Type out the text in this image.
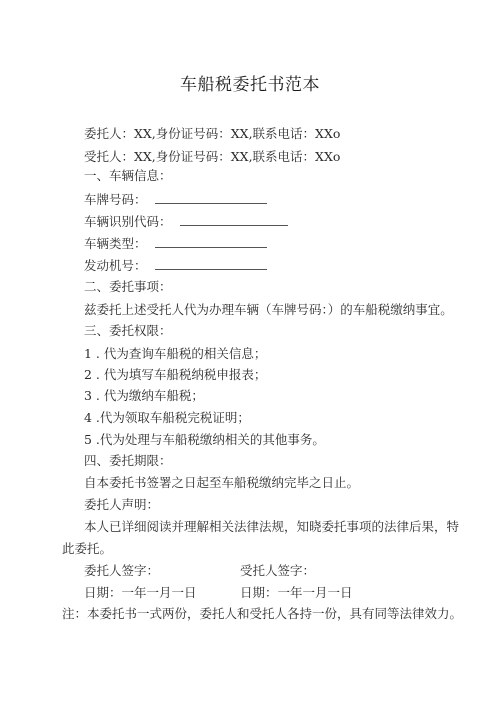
车船税委托书范本
委托人：XX,身份证号码：XX,联系电话：XXo
受托人：XX,身份证号码：XX,联系电话：XXo
一、车辆信息：
车牌号码：
车辆识别代码：
车辆类型：
发动机号：
二、委托事项：
兹委托上述受托人代为办理车辆（车牌号码：）的车船税缴纳事宜。
三、委托权限：
1 . 代为查询车船税的相关信息；
2 . 代为填写车船税纳税申报表；
3 . 代为缴纳车船税；
4 .代为领取车船税完税证明；
5 .代为处理与车船税缴纳相关的其他事务。
四、委托期限：
自本委托书签署之日起至车船税缴纳完毕之日止。
委托人声明：
本人已详细阅读并理解相关法律法规，知晓委托事项的法律后果，特
此委托。
委托人签字：	受托人签字：
日期：一年一月一日	日期：一年一月一日
注：本委托书一式两份，委托人和受托人各持一份，具有同等法律效力。
